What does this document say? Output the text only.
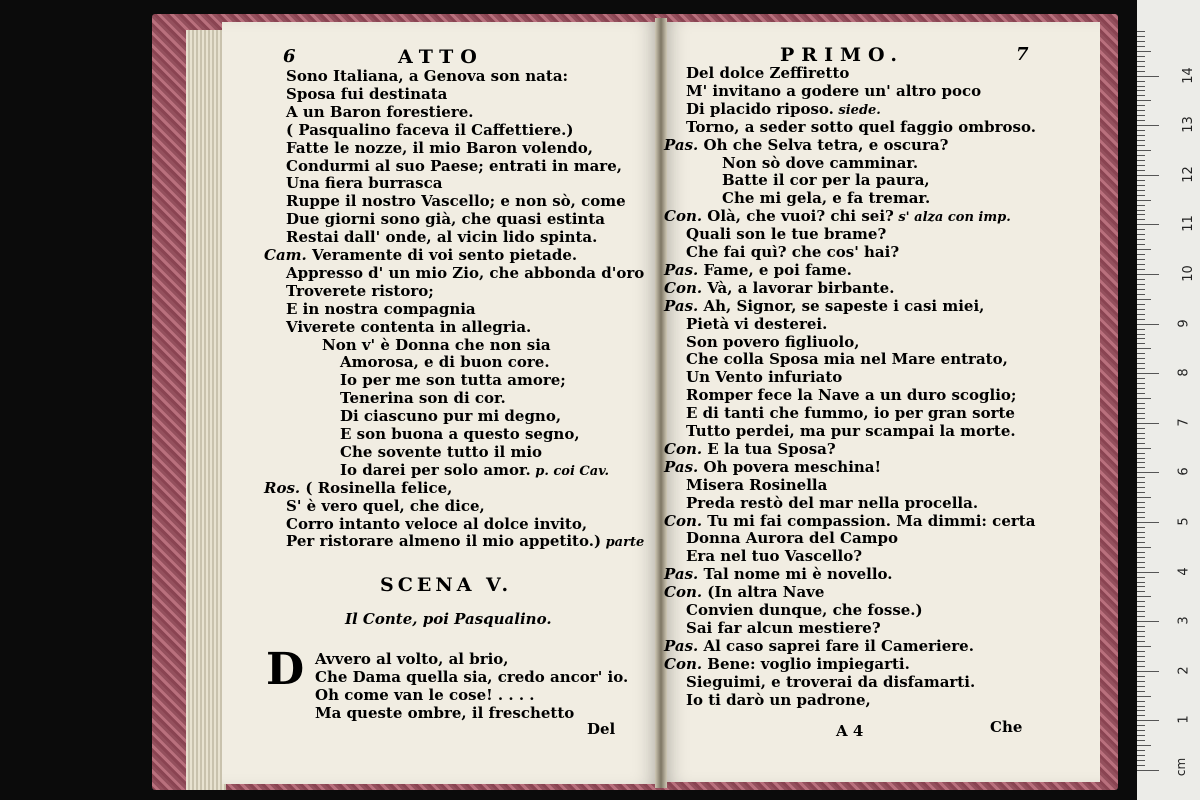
6	ATTO	PRIMO.	7
Sono Italiana, a Genova son nata:
Sposa fui destinata
A un Baron forestiere.
( Pasqualino faceva il Caffettiere.)
Fatte le nozze, il mio Baron volendo,
Condurmi al suo Paese; entrati in mare,
Una fiera burrasca
Ruppe il nostro Vascello; e non sò, come
Due giorni sono già, che quasi estinta
Restai dall' onde, al vicin lido spinta.
Cam. Veramente di voi sento pietade.
Appresso d' un mio Zio, che abbonda d'oro
Troverete ristoro;
E in nostra compagnia
Viverete contenta in allegria.
Non v' è Donna che non sia
Amorosa, e di buon core.
Io per me son tutta amore;
Tenerina son di cor.
Di ciascuno pur mi degno,
E son buona a questo segno,
Che sovente tutto il mio
Io darei per solo amor. p. coi Cav.
Ros. ( Rosinella felice,
S' è vero quel, che dice,
Corro intanto veloce al dolce invito,
Per ristorare almeno il mio appetito.) parte
SCENA V.
Il Conte, poi Pasqualino.
D Avvero al volto, al brio,
Che Dama quella sia, credo ancor' io.
Oh come van le cose! . . . .
Ma queste ombre, il freschetto
Del
Del dolce Zeffiretto
M' invitano a godere un' altro poco
Di placido riposo. siede.
Torno, a seder sotto quel faggio ombroso.
Pas. Oh che Selva tetra, e oscura?
Non sò dove camminar.
Batte il cor per la paura,
Che mi gela, e fa tremar.
Con. Olà, che vuoi? chi sei? s' alza con imp.
Quali son le tue brame?
Che fai quì? che cos' hai?
Pas. Fame, e poi fame.
Con. Và, a lavorar birbante.
Pas. Ah, Signor, se sapeste i casi miei,
Pietà vi desterei.
Son povero figliuolo,
Che colla Sposa mia nel Mare entrato,
Un Vento infuriato
Romper fece la Nave a un duro scoglio;
E di tanti che fummo, io per gran sorte
Tutto perdei, ma pur scampai la morte.
Con. E la tua Sposa?
Pas. Oh povera meschina!
Misera Rosinella
Preda restò del mar nella procella.
Con. Tu mi fai compassion. Ma dimmi: certa
Donna Aurora del Campo
Era nel tuo Vascello?
Pas. Tal nome mi è novello.
Con. (In altra Nave
Convien dunque, che fosse.)
Sai far alcun mestiere?
Pas. Al caso saprei fare il Cameriere.
Con. Bene: voglio impiegarti.
Sieguimi, e troverai da disfamarti.
Io ti darò un padrone,
A 4	Che	1
2
3
4
5
6
7
8
9
10
11
12
13
14
cm
